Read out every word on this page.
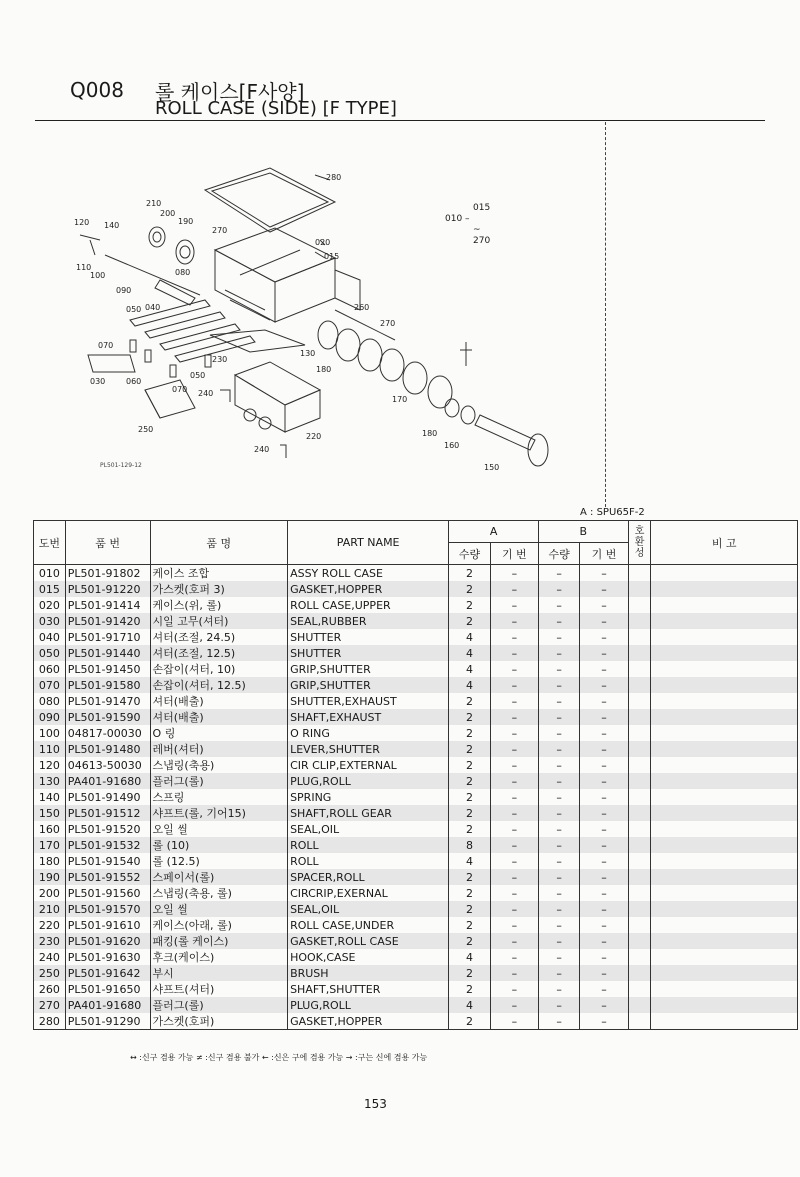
Q008 롤 케이스[F사양]
ROLL CASE (SIDE) [F TYPE]
280
210
200
190
270
120 140
020
015
110
100
090
080
050 040	260
270
070
130
180
060
030
050
070
230
240
170
250	180
160
220
240
150
PL501-129-12
015
010 –
~
270
A : SPU65F-2
도번	품 번	품 명	PART NAME	A		B		호환성	비 고
				수량	기 번	수량	기 번		
010	PL501-91802	케이스 조합	ASSY ROLL CASE	2	–	–	–		
015	PL501-91220	가스켓(호퍼 3)	GASKET,HOPPER	2	–	–	–		
020	PL501-91414	케이스(위, 롤)	ROLL CASE,UPPER	2	–	–	–		
030	PL501-91420	시일 고무(셔터)	SEAL,RUBBER	2	–	–	–		
040	PL501-91710	셔터(조절, 24.5)	SHUTTER	4	–	–	–		
050	PL501-91440	셔터(조절, 12.5)	SHUTTER	4	–	–	–		
060	PL501-91450	손잡이(셔터, 10)	GRIP,SHUTTER	4	–	–	–		
070	PL501-91580	손잡이(셔터, 12.5)	GRIP,SHUTTER	4	–	–	–		
080	PL501-91470	셔터(배출)	SHUTTER,EXHAUST	2	–	–	–		
090	PL501-91590	셔터(배출)	SHAFT,EXHAUST	2	–	–	–		
100	04817-00030	O 링	O RING	2	–	–	–		
110	PL501-91480	레버(셔터)	LEVER,SHUTTER	2	–	–	–		
120	04613-50030	스냅링(축용)	CIR CLIP,EXTERNAL	2	–	–	–		
130	PA401-91680	플러그(롤)	PLUG,ROLL	2	–	–	–		
140	PL501-91490	스프링	SPRING	2	–	–	–		
150	PL501-91512	샤프트(롤, 기어15)	SHAFT,ROLL GEAR	2	–	–	–		
160	PL501-91520	오일 씰	SEAL,OIL	2	–	–	–		
170	PL501-91532	롤 (10)	ROLL	8	–	–	–		
180	PL501-91540	롤 (12.5)	ROLL	4	–	–	–		
190	PL501-91552	스페이서(롤)	SPACER,ROLL	2	–	–	–		
200	PL501-91560	스냅링(축용, 롤)	CIRCRIP,EXERNAL	2	–	–	–		
210	PL501-91570	오일 씰	SEAL,OIL	2	–	–	–		
220	PL501-91610	케이스(아래, 롤)	ROLL CASE,UNDER	2	–	–	–		
230	PL501-91620	패킹(롤 케이스)	GASKET,ROLL CASE	2	–	–	–		
240	PL501-91630	후크(케이스)	HOOK,CASE	4	–	–	–		
250	PL501-91642	부시	BRUSH	2	–	–	–		
260	PL501-91650	샤프트(셔터)	SHAFT,SHUTTER	2	–	–	–		
270	PA401-91680	플러그(롤)	PLUG,ROLL	4	–	–	–		
280	PL501-91290	가스켓(호퍼)	GASKET,HOPPER	2	–	–	–		
↔ :신구 겸용 가능 ≠ :신구 겸용 불가 ← :신은 구에 겸용 가능 → :구는 신에 겸용 가능
153
